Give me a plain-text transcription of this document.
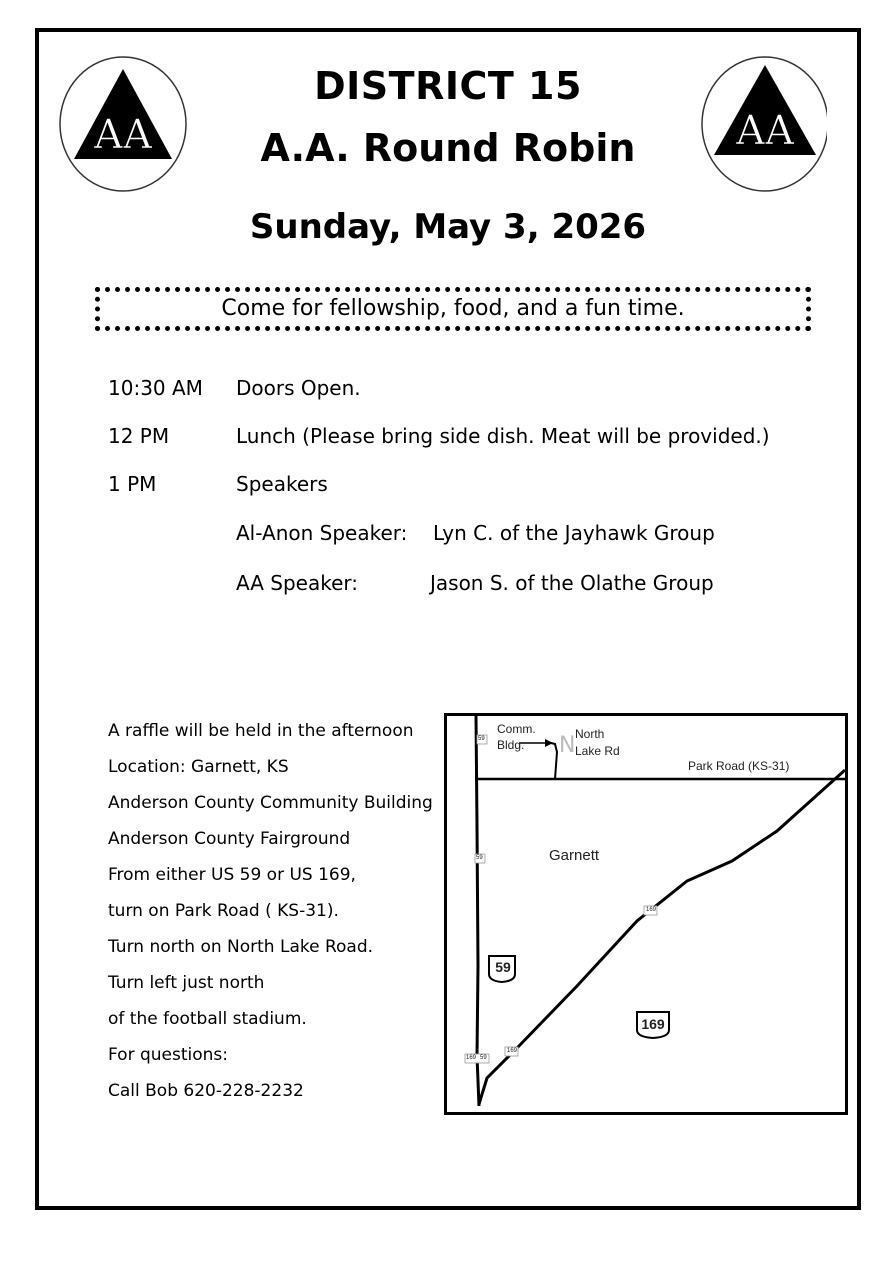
AA	AA
DISTRICT 15
A.A. Round Robin
Sunday, May 3, 2026
Come for fellowship, food, and a fun time.
10:30 AM Doors Open.
12 PM	Lunch (Please bring side dish. Meat will be provided.)
1 PM	Speakers
Al-Anon Speaker: Lyn C. of the Jayhawk Group
AA Speaker:	Jason S. of the Olathe Group
A raffle will be held in the afternoon
Location: Garnett, KS
Anderson County Community Building
Anderson County Fairground
From either US 59 or US 169,
turn on Park Road ( KS-31).
Turn north on North Lake Road.
Turn left just north
of the football stadium.
For questions:
Call Bob 620-228-2232
N
Comm.
Bldg.
North
Lake Rd
Park Road (KS-31)
Garnett
59
169
59
59
169
169
169 59
